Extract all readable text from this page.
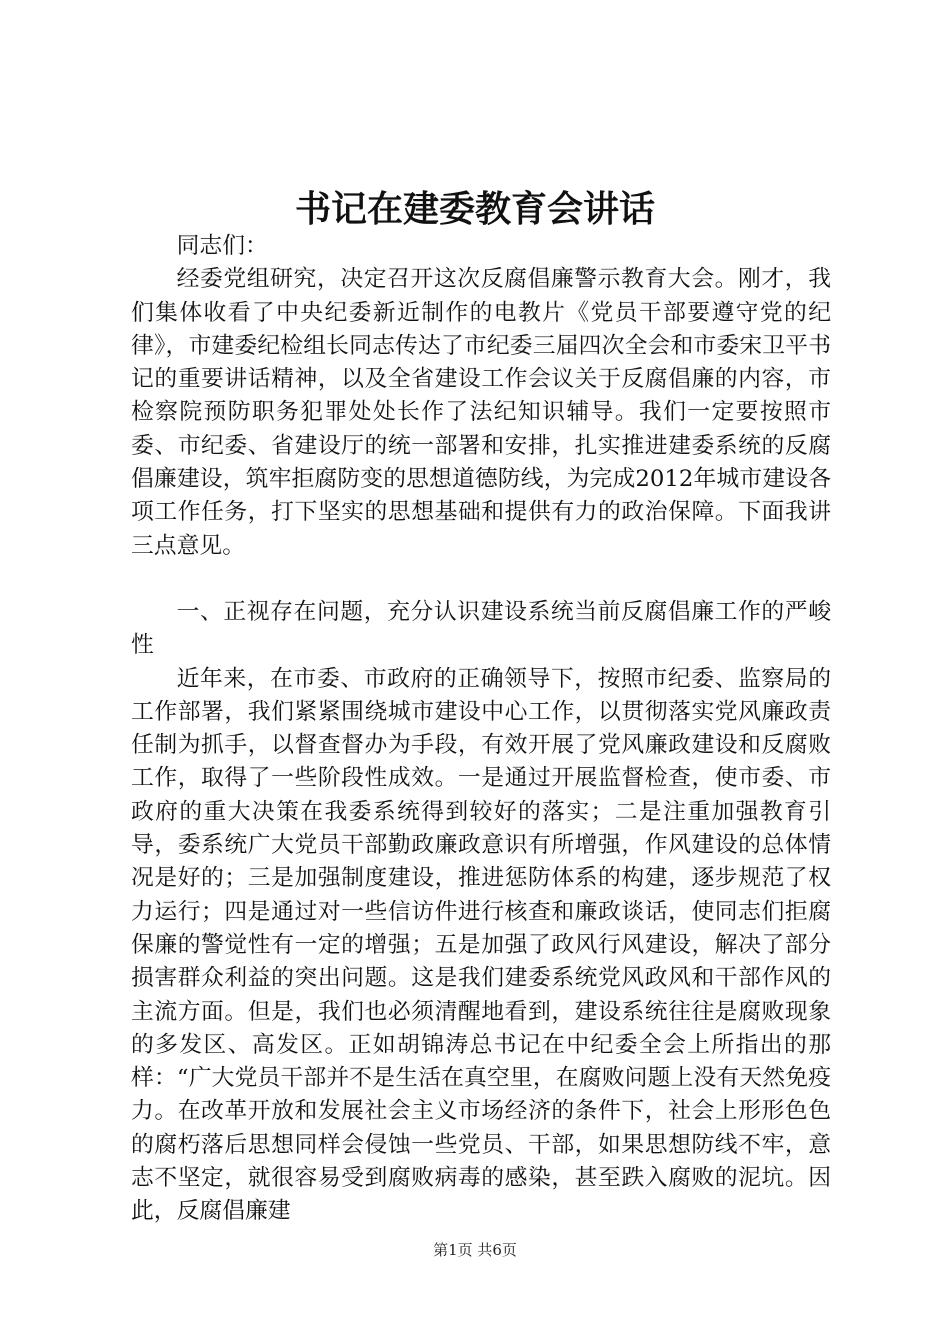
书记在建委教育会讲话

同志们：

经委党组研究，决定召开这次反腐倡廉警示教育大会。刚才，我们集体收看了中央纪委新近制作的电教片《党员干部要遵守党的纪律》，市建委纪检组长同志传达了市纪委三届四次全会和市委宋卫平书记的重要讲话精神，以及全省建设工作会议关于反腐倡廉的内容，市检察院预防职务犯罪处处长作了法纪知识辅导。我们一定要按照市委、市纪委、省建设厅的统一部署和安排，扎实推进建委系统的反腐倡廉建设，筑牢拒腐防变的思想道德防线，为完成2012年城市建设各项工作任务，打下坚实的思想基础和提供有力的政治保障。下面我讲三点意见。

一、正视存在问题，充分认识建设系统当前反腐倡廉工作的严峻性

近年来，在市委、市政府的正确领导下，按照市纪委、监察局的工作部署，我们紧紧围绕城市建设中心工作，以贯彻落实党风廉政责任制为抓手，以督查督办为手段，有效开展了党风廉政建设和反腐败工作，取得了一些阶段性成效。一是通过开展监督检查，使市委、市政府的重大决策在我委系统得到较好的落实；二是注重加强教育引导，委系统广大党员干部勤政廉政意识有所增强，作风建设的总体情况是好的；三是加强制度建设，推进惩防体系的构建，逐步规范了权力运行；四是通过对一些信访件进行核查和廉政谈话，使同志们拒腐保廉的警觉性有一定的增强；五是加强了政风行风建设，解决了部分损害群众利益的突出问题。这是我们建委系统党风政风和干部作风的主流方面。但是，我们也必须清醒地看到，建设系统往往是腐败现象的多发区、高发区。正如胡锦涛总书记在中纪委全会上所指出的那样：“广大党员干部并不是生活在真空里，在腐败问题上没有天然免疫力。在改革开放和发展社会主义市场经济的条件下，社会上形形色色的腐朽落后思想同样会侵蚀一些党员、干部，如果思想防线不牢，意志不坚定，就很容易受到腐败病毒的感染，甚至跌入腐败的泥坑。因此，反腐倡廉建

第1页 共6页
